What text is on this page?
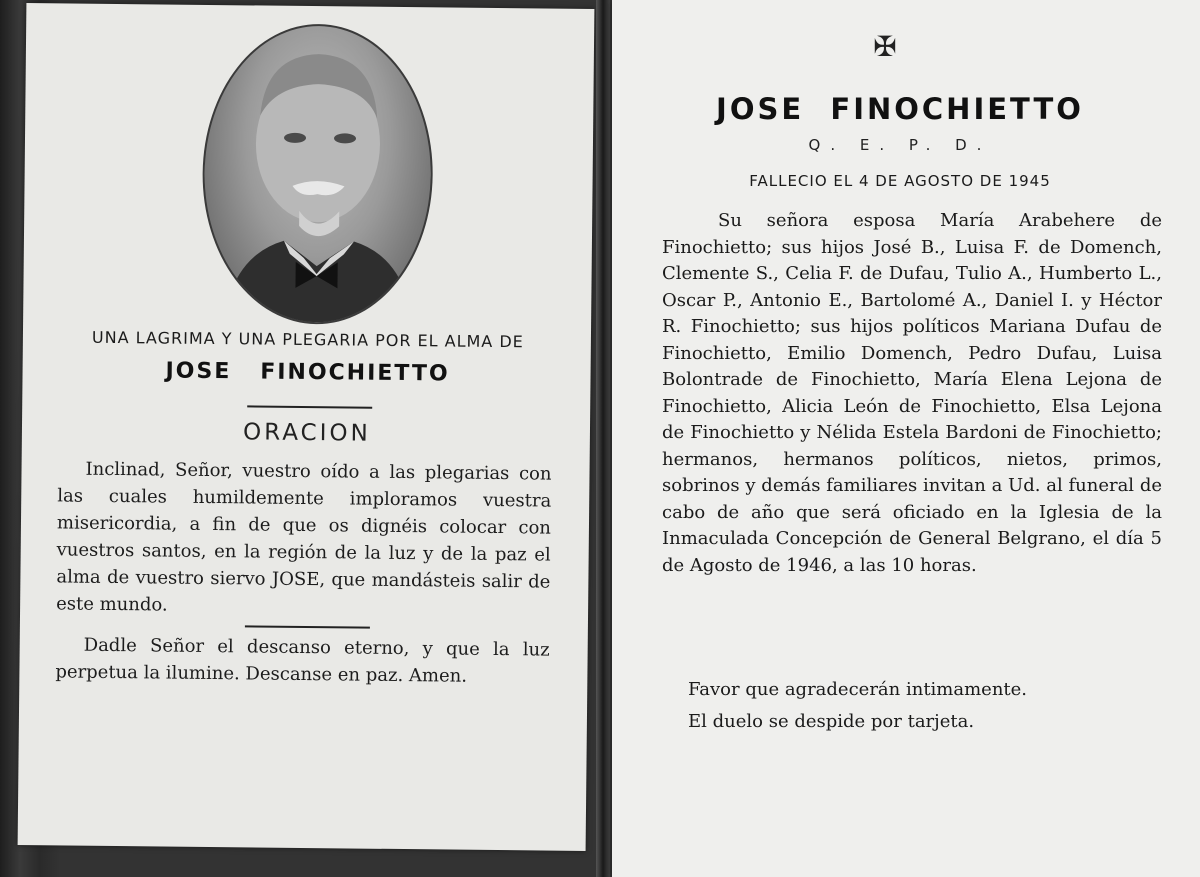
UNA LAGRIMA Y UNA PLEGARIA POR EL ALMA DE
JOSE   FINOCHIETTO
ORACION

Inclinad, Señor, vuestro oído a las plegarias con las cuales humildemente imploramos vuestra misericordia, a fin de que os dignéis colocar con vuestros santos, en la región de la luz y de la paz el alma de vuestro siervo JOSE, que mandásteis salir de este mundo.

Dadle Señor el descanso eterno, y que la luz perpetua la ilumine. Descanse en paz. Amen.

✠
JOSE  FINOCHIETTO
Q. E. P. D.
FALLECIO EL 4 DE AGOSTO DE 1945

Su señora esposa María Arabehere de Finochietto; sus hijos José B., Luisa F. de Domench, Clemente S., Celia F. de Dufau, Tulio A., Humberto L., Oscar P., Antonio E., Bartolomé A., Daniel I. y Héctor R. Finochietto; sus hijos políticos Mariana Dufau de Finochietto, Emilio Domench, Pedro Dufau, Luisa Bolontrade de Finochietto, María Elena Lejona de Finochietto, Alicia León de Finochietto, Elsa Lejona de Finochietto y Nélida Estela Bardoni de Finochietto; hermanos, hermanos políticos, nietos, primos, sobrinos y demás familiares invitan a Ud. al funeral de cabo de año que será oficiado en la Iglesia de la Inmaculada Concepción de General Belgrano, el día 5 de Agosto de 1946, a las 10 horas.

Favor que agradecerán intimamente.
El duelo se despide por tarjeta.
